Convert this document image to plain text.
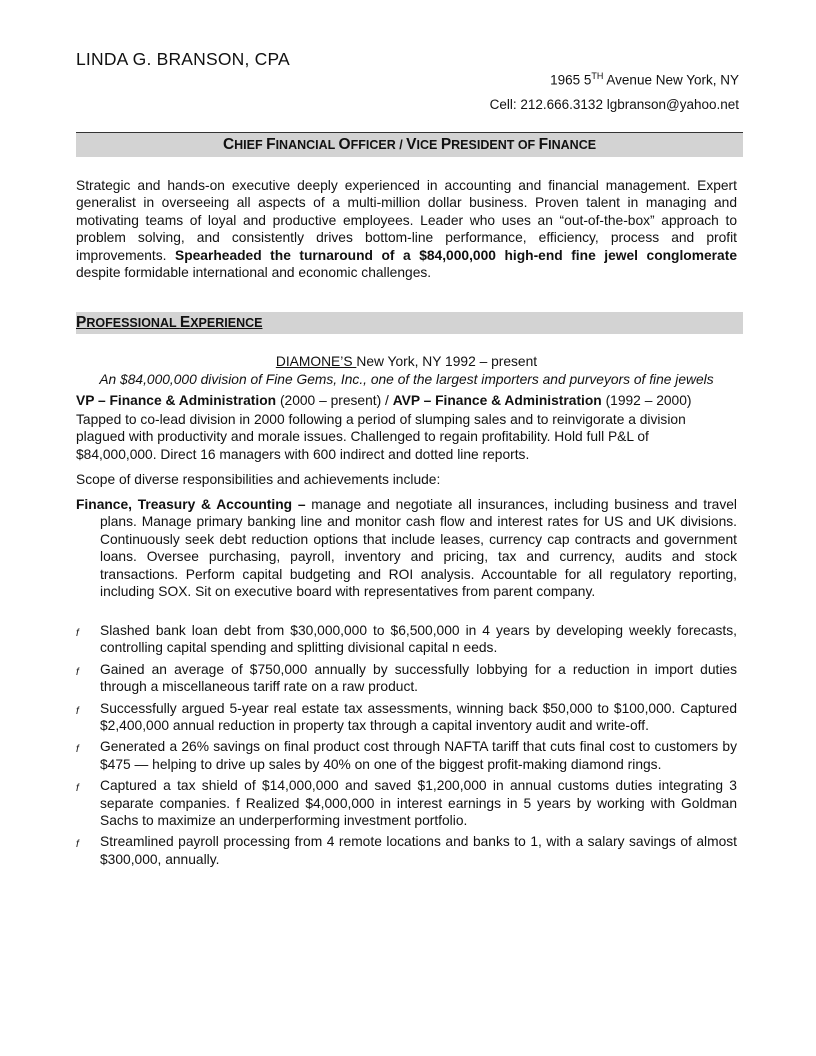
LINDA G. BRANSON, CPA
1965 5TH Avenue New York, NY
Cell: 212.666.3132 lgbranson@yahoo.net
CHIEF FINANCIAL OFFICER / VICE PRESIDENT OF FINANCE

Strategic and hands-on executive deeply experienced in accounting and financial management. Expert generalist in overseeing all aspects of a multi-million dollar business. Proven talent in managing and motivating teams of loyal and productive employees. Leader who uses an “out-of-the-box” approach to problem solving, and consistently drives bottom-line performance, efficiency, process and profit improvements. Spearheaded the turnaround of a $84,000,000 high-end fine jewel conglomerate despite formidable international and economic challenges.

PROFESSIONAL EXPERIENCE
DIAMONE’S New York, NY 1992 – present
An $84,000,000 division of Fine Gems, Inc., one of the largest importers and purveyors of fine jewels
VP – Finance & Administration (2000 – present) / AVP – Finance & Administration (1992 – 2000)

Tapped to co-lead division in 2000 following a period of slumping sales and to reinvigorate a division plagued with productivity and morale issues. Challenged to regain profitability. Hold full P&L of $84,000,000. Direct 16 managers with 600 indirect and dotted line reports.

Scope of diverse responsibilities and achievements include:

Finance, Treasury & Accounting – manage and negotiate all insurances, including business and travel plans. Manage primary banking line and monitor cash flow and interest rates for US and UK divisions. Continuously seek debt reduction options that include leases, currency cap contracts and government loans. Oversee purchasing, payroll, inventory and pricing, tax and currency, audits and stock transactions. Perform capital budgeting and ROI analysis. Accountable for all regulatory reporting, including SOX. Sit on executive board with representatives from parent company.

f Slashed bank loan debt from $30,000,000 to $6,500,000 in 4 years by developing weekly forecasts, controlling capital spending and splitting divisional capital n eeds.
f Gained an average of $750,000 annually by successfully lobbying for a reduction in import duties through a miscellaneous tariff rate on a raw product.
f Successfully argued 5-year real estate tax assessments, winning back $50,000 to $100,000. Captured $2,400,000 annual reduction in property tax through a capital inventory audit and write-off.
f Generated a 26% savings on final product cost through NAFTA tariff that cuts final cost to customers by $475 — helping to drive up sales by 40% on one of the biggest profit-making diamond rings.
f Captured a tax shield of $14,000,000 and saved $1,200,000 in annual customs duties integrating 3 separate companies. f Realized $4,000,000 in interest earnings in 5 years by working with Goldman Sachs to maximize an underperforming investment portfolio.
f Streamlined payroll processing from 4 remote locations and banks to 1, with a salary savings of almost $300,000, annually.
